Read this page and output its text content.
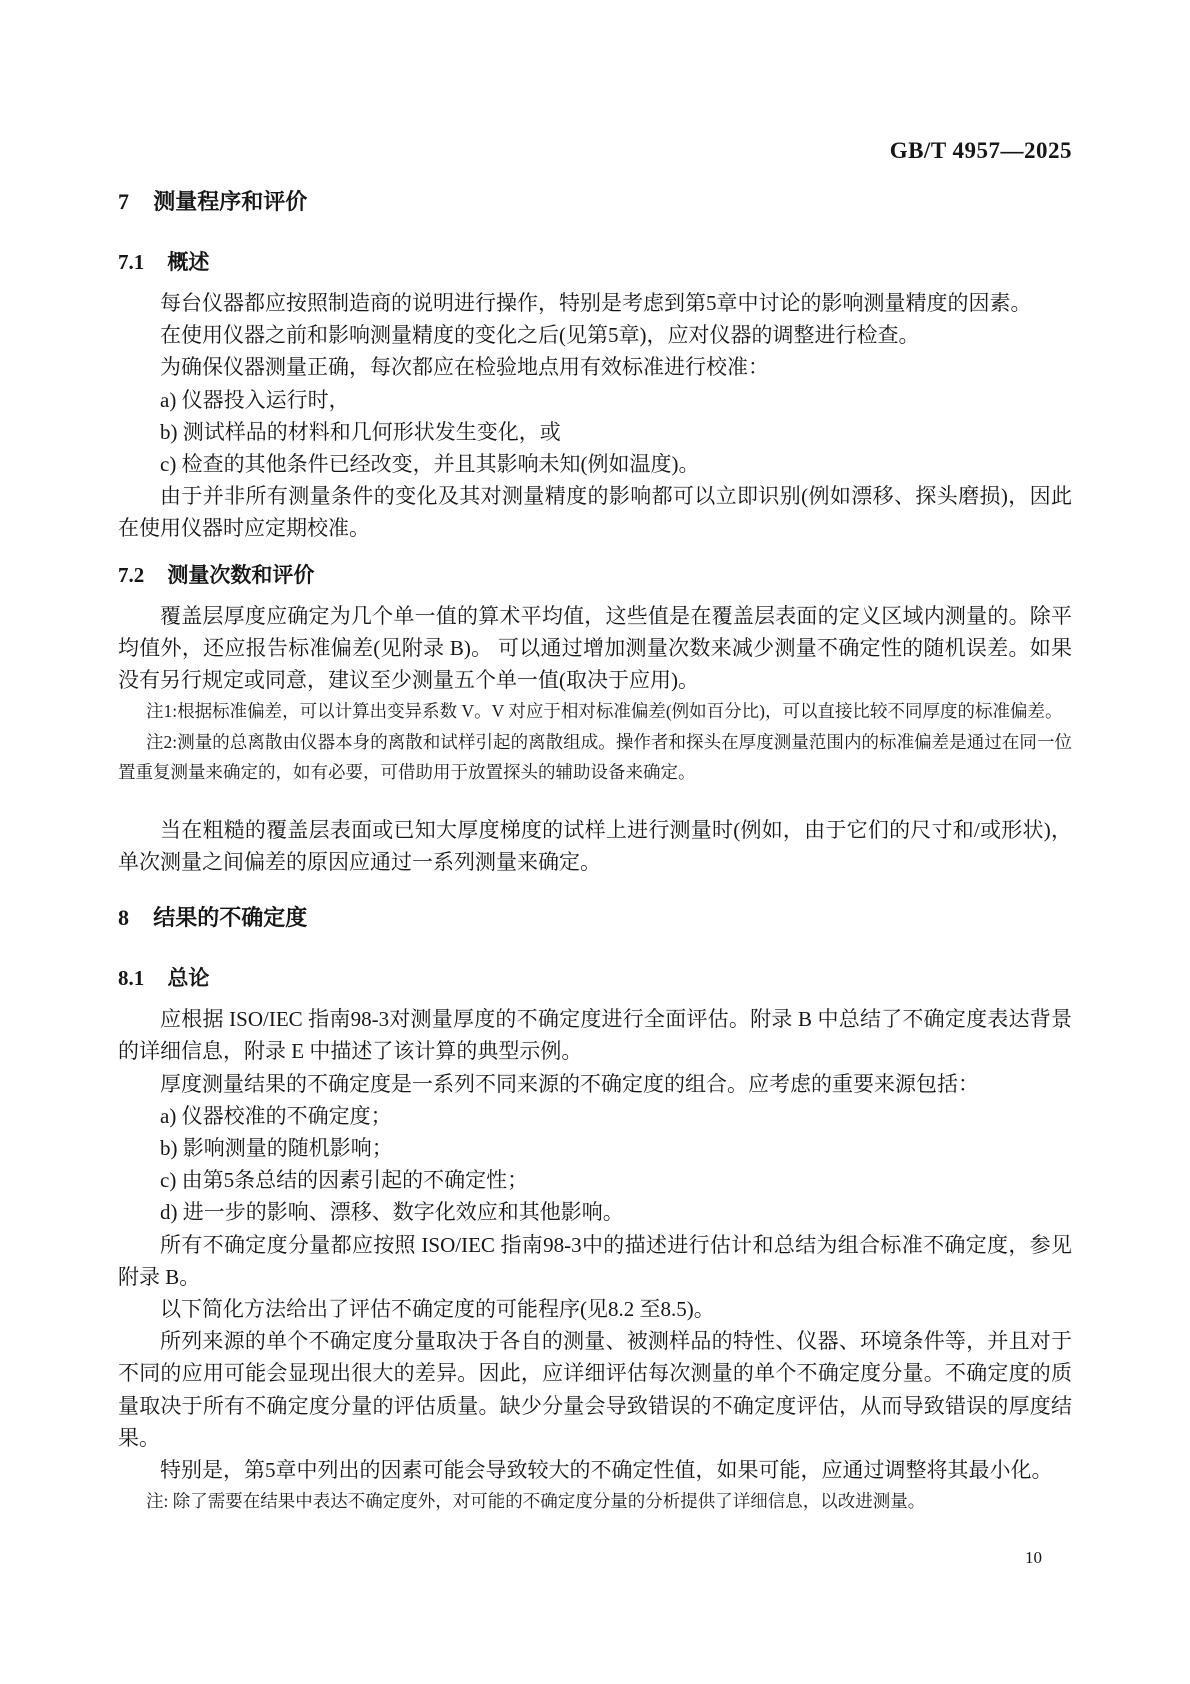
GB/T 4957—2025
7 测量程序和评价
7.1 概述

每台仪器都应按照制造商的说明进行操作，特别是考虑到第5章中讨论的影响测量精度的因素。

在使用仪器之前和影响测量精度的变化之后(见第5章)，应对仪器的调整进行检查。

为确保仪器测量正确，每次都应在检验地点用有效标准进行校准：

a) 仪器投入运行时，

b) 测试样品的材料和几何形状发生变化，或

c) 检查的其他条件已经改变，并且其影响未知(例如温度)。

由于并非所有测量条件的变化及其对测量精度的影响都可以立即识别(例如漂移、探头磨损)，因此在使用仪器时应定期校准。

7.2 测量次数和评价

覆盖层厚度应确定为几个单一值的算术平均值，这些值是在覆盖层表面的定义区域内测量的。除平均值外，还应报告标准偏差(见附录 B)。 可以通过增加测量次数来减少测量不确定性的随机误差。如果没有另行规定或同意，建议至少测量五个单一值(取决于应用)。

注1:根据标准偏差，可以计算出变异系数 V。V 对应于相对标准偏差(例如百分比)，可以直接比较不同厚度的标准偏差。

注2:测量的总离散由仪器本身的离散和试样引起的离散组成。操作者和探头在厚度测量范围内的标准偏差是通过在同一位置重复测量来确定的，如有必要，可借助用于放置探头的辅助设备来确定。

当在粗糙的覆盖层表面或已知大厚度梯度的试样上进行测量时(例如，由于它们的尺寸和/或形状)，单次测量之间偏差的原因应通过一系列测量来确定。

8 结果的不确定度
8.1 总论

应根据 ISO/IEC 指南98-3对测量厚度的不确定度进行全面评估。附录 B 中总结了不确定度表达背景的详细信息，附录 E 中描述了该计算的典型示例。

厚度测量结果的不确定度是一系列不同来源的不确定度的组合。应考虑的重要来源包括：

a) 仪器校准的不确定度；

b) 影响测量的随机影响；

c) 由第5条总结的因素引起的不确定性；

d) 进一步的影响、漂移、数字化效应和其他影响。

所有不确定度分量都应按照 ISO/IEC 指南98-3中的描述进行估计和总结为组合标准不确定度，参见附录 B。

以下简化方法给出了评估不确定度的可能程序(见8.2 至8.5)。

所列来源的单个不确定度分量取决于各自的测量、被测样品的特性、仪器、环境条件等，并且对于不同的应用可能会显现出很大的差异。因此，应详细评估每次测量的单个不确定度分量。不确定度的质量取决于所有不确定度分量的评估质量。缺少分量会导致错误的不确定度评估，从而导致错误的厚度结果。

特别是，第5章中列出的因素可能会导致较大的不确定性值，如果可能，应通过调整将其最小化。

注: 除了需要在结果中表达不确定度外，对可能的不确定度分量的分析提供了详细信息，以改进测量。

10
